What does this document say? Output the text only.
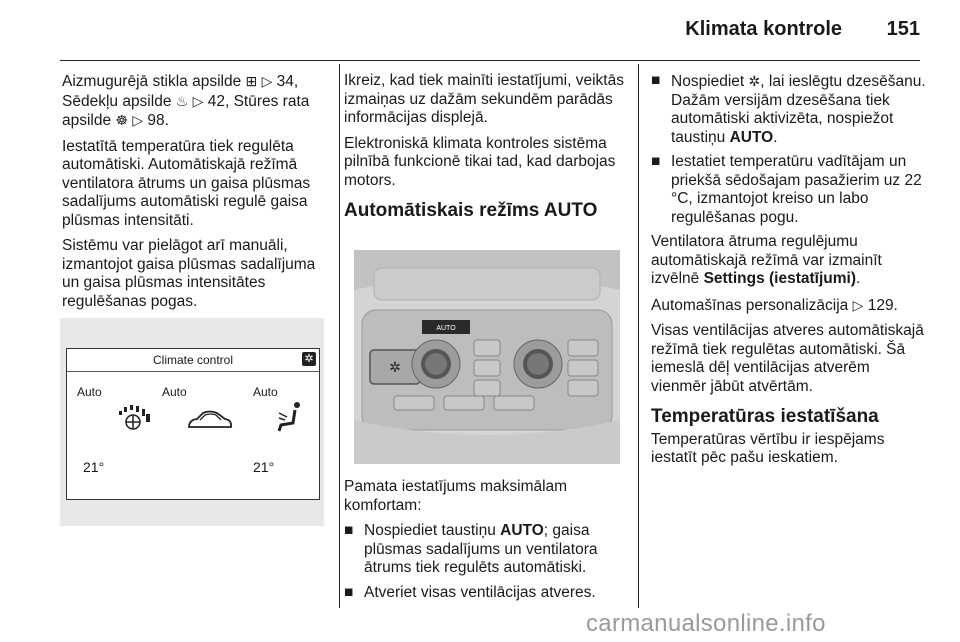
Klimata kontrole 151

Aizmugurējā stikla apsilde ⊞ ▷ 34,
Sēdekļu apsilde ♨ ▷ 42, Stūres rata
apsilde ☸ ▷ 98.

Iestatītā temperatūra tiek regulēta automātiski. Automātiskajā režīmā ventilatora ātrums un gaisa plūsmas sadalījums automātiski regulē gaisa plūsmas intensitāti.

Sistēmu var pielāgot arī manuāli, izmantojot gaisa plūsmas sadalījuma un gaisa plūsmas intensitātes regulēšanas pogas.

Climate control	✲
Auto	Auto	Auto
21°	21°

Ikreiz, kad tiek mainīti iestatījumi, veiktās izmaiņas uz dažām sekundēm parādās informācijas displejā.

Elektroniskā klimata kontroles sistēma pilnībā funkcionē tikai tad, kad darbojas motors.

Automātiskais režīms AUTO

AUTO
✲

Pamata iestatījums maksimālam komfortam:

■ Nospiediet taustiņu AUTO; gaisa plūsmas sadalījums un ventilatora ātrums tiek regulēts automātiski.

■ Atveriet visas ventilācijas atveres.

■ Nospiediet ✲, lai ieslēgtu dzesēšanu. Dažām versijām dzesēšana tiek automātiski aktivizēta, nospiežot taustiņu AUTO.

■ Iestatiet temperatūru vadītājam un priekšā sēdošajam pasažierim uz 22 °C, izmantojot kreiso un labo regulēšanas pogu.

Ventilatora ātruma regulējumu automātiskajā režīmā var izmainīt izvēlnē Settings (iestatījumi).

Automašīnas personalizācija ▷ 129.

Visas ventilācijas atveres automātiskajā režīmā tiek regulētas automātiski. Šā iemeslā dēļ ventilācijas atverēm vienmēr jābūt atvērtām.

Temperatūras iestatīšana

Temperatūras vērtību ir iespējams iestatīt pēc pašu ieskatiem.

carmanualsonline.info
